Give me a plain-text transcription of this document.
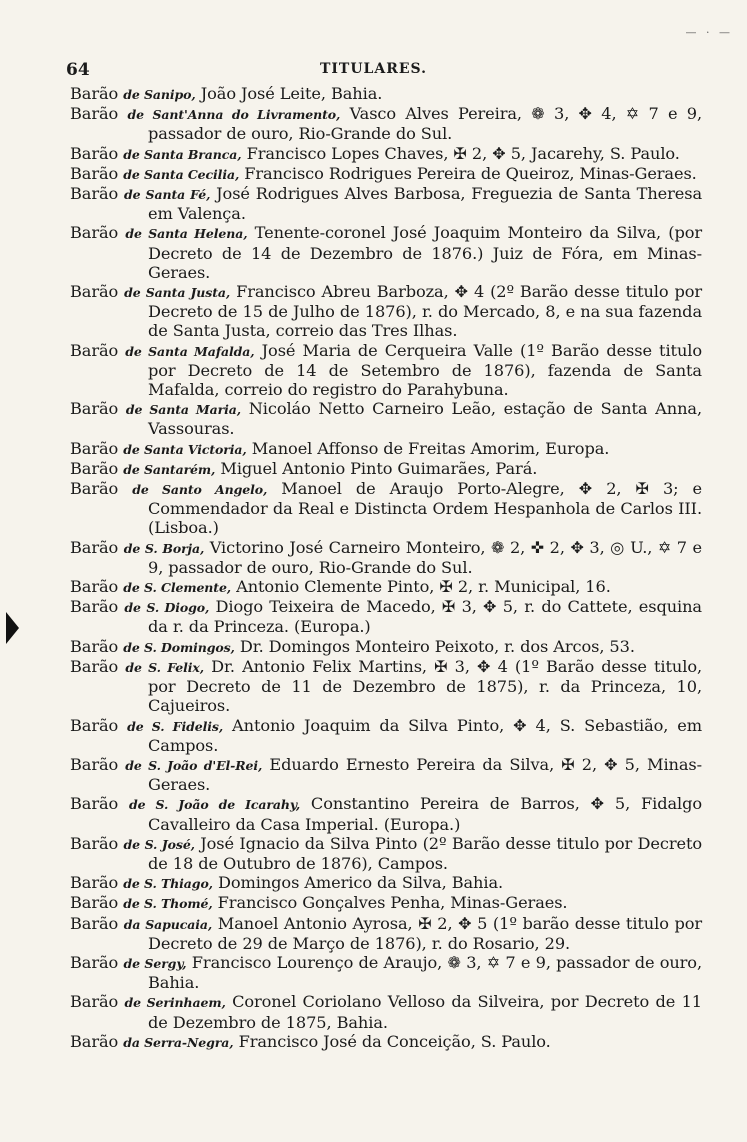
64	TITULARES.
— · —

Barão de Sanipo, João José Leite, Bahia.

Barão de Sant'Anna do Livramento, Vasco Alves Pereira, ❁ 3, ✥ 4, ✡ 7 e 9, passador de ouro, Rio-Grande do Sul.

Barão de Santa Branca, Francisco Lopes Chaves, ✠ 2, ✥ 5, Jacarehy, S. Paulo.

Barão de Santa Cecilia, Francisco Rodrigues Pereira de Queiroz, Minas-Geraes.

Barão de Santa Fé, José Rodrigues Alves Barbosa, Freguezia de Santa Theresa em Valença.

Barão de Santa Helena, Tenente-coronel José Joaquim Monteiro da Silva, (por Decreto de 14 de Dezembro de 1876.) Juiz de Fóra, em Minas-Geraes.

Barão de Santa Justa, Francisco Abreu Barboza, ✥ 4 (2º Barão desse titulo por Decreto de 15 de Julho de 1876), r. do Mercado, 8, e na sua fazenda de Santa Justa, correio das Tres Ilhas.

Barão de Santa Mafalda, José Maria de Cerqueira Valle (1º Barão desse titulo por Decreto de 14 de Setembro de 1876), fazenda de Santa Mafalda, correio do registro do Parahybuna.

Barão de Santa Maria, Nicoláo Netto Carneiro Leão, estação de Santa Anna, Vassouras.

Barão de Santa Victoria, Manoel Affonso de Freitas Amorim, Europa.

Barão de Santarém, Miguel Antonio Pinto Guimarães, Pará.

Barão de Santo Angelo, Manoel de Araujo Porto-Alegre, ✥ 2, ✠ 3; e Commendador da Real e Distincta Ordem Hespanhola de Carlos III. (Lisboa.)

Barão de S. Borja, Victorino José Carneiro Monteiro, ❁ 2, ✜ 2, ✥ 3, ◎ U., ✡ 7 e 9, passador de ouro, Rio-Grande do Sul.

Barão de S. Clemente, Antonio Clemente Pinto, ✠ 2, r. Municipal, 16.

Barão de S. Diogo, Diogo Teixeira de Macedo, ✠ 3, ✥ 5, r. do Cattete, esquina da r. da Princeza. (Europa.)

Barão de S. Domingos, Dr. Domingos Monteiro Peixoto, r. dos Arcos, 53.

Barão de S. Felix, Dr. Antonio Felix Martins, ✠ 3, ✥ 4 (1º Barão desse titulo, por Decreto de 11 de Dezembro de 1875), r. da Princeza, 10, Cajueiros.

Barão de S. Fidelis, Antonio Joaquim da Silva Pinto, ✥ 4, S. Sebastião, em Campos.

Barão de S. João d'El-Rei, Eduardo Ernesto Pereira da Silva, ✠ 2, ✥ 5, Minas-Geraes.

Barão de S. João de Icarahy, Constantino Pereira de Barros, ✥ 5, Fidalgo Cavalleiro da Casa Imperial. (Europa.)

Barão de S. José, José Ignacio da Silva Pinto (2º Barão desse titulo por Decreto de 18 de Outubro de 1876), Campos.

Barão de S. Thiago, Domingos Americo da Silva, Bahia.

Barão de S. Thomé, Francisco Gonçalves Penha, Minas-Geraes.

Barão da Sapucaia, Manoel Antonio Ayrosa, ✠ 2, ✥ 5 (1º barão desse titulo por Decreto de 29 de Março de 1876), r. do Rosario, 29.

Barão de Sergy, Francisco Lourenço de Araujo, ❁ 3, ✡ 7 e 9, passador de ouro, Bahia.

Barão de Serinhaem, Coronel Coriolano Velloso da Silveira, por Decreto de 11 de Dezembro de 1875, Bahia.

Barão da Serra-Negra, Francisco José da Conceição, S. Paulo.
